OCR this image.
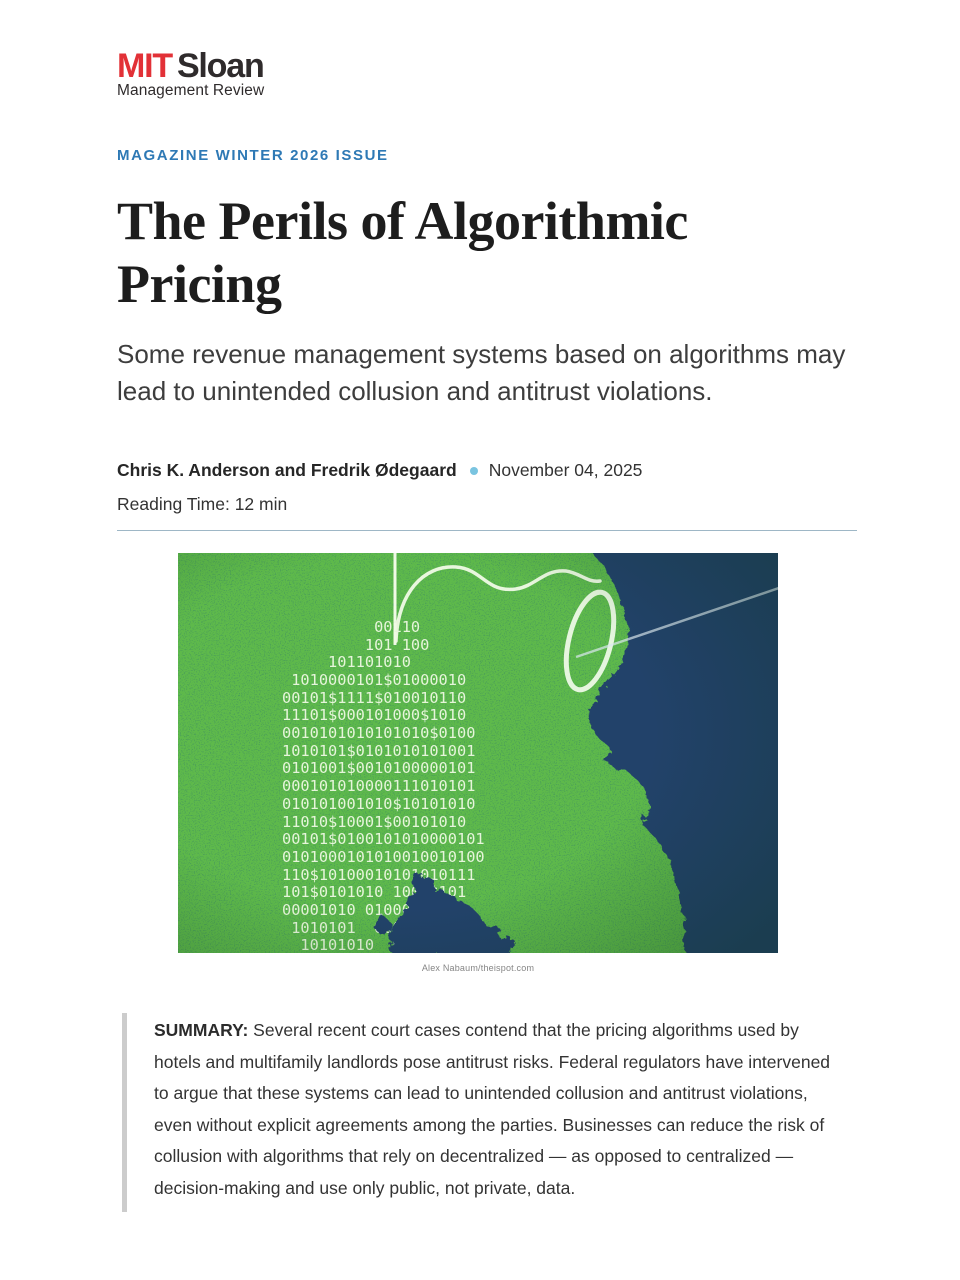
MIT Sloan
Management Review
MAGAZINE WINTER 2026 ISSUE
The Perils of Algorithmic Pricing
Some revenue management systems based on algorithms may lead to unintended collusion and antitrust violations.
Chris K. Anderson and Fredrik Ødegaard November 04, 2025
Reading Time: 12 min
Alex Nabaum/theispot.com
SUMMARY: Several recent court cases contend that the pricing algorithms used by hotels and multifamily landlords pose antitrust risks. Federal regulators have intervened to argue that these systems can lead to unintended collusion and antitrust violations, even without explicit agreements among the parties. Businesses can reduce the risk of collusion with algorithms that rely on decentralized — as opposed to centralized — decision-making and use only public, not private, data.
